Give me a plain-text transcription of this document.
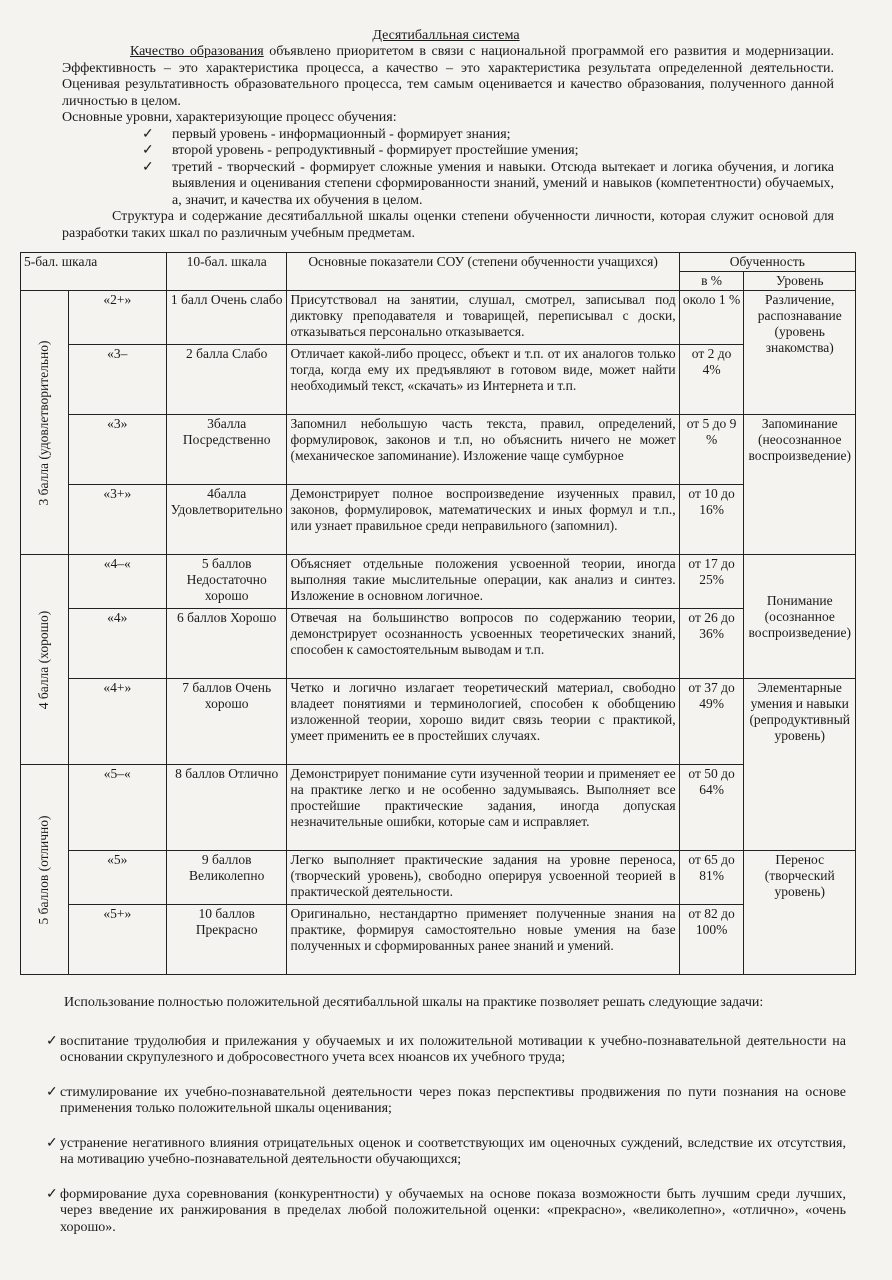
Десятибалльная система

Качество образования объявлено приоритетом в связи с национальной программой его развития и модернизации. Эффективность – это характеристика процесса, а качество – это характеристика результата определенной деятельности. Оценивая результативность образовательного процесса, тем самым оценивается и качество образования, полученного данной личностью в целом.

Основные уровни, характеризующие процесс обучения:

✓ первый уровень - информационный - формирует знания;
✓ второй уровень - репродуктивный - формирует простейшие умения;
✓ третий - творческий - формирует сложные умения и навыки. Отсюда вытекает и логика обучения, и логика выявления и оценивания степени сформированности знаний, умений и навыков (компетентности) обучаемых, а, значит, и качества их обучения в целом.

Структура и содержание десятибалльной шкалы оценки степени обученности личности, которая служит основой для разработки таких шкал по различным учебным предметам.

5-бал. шкала		10-бал. шкала	Основные показатели СОУ (степени обученности учащихся)	Обученность	
				в %	Уровень

3 балла (удовлетворительно)	«2+»	1 балл Очень слабо	Присутствовал на занятии, слушал, смотрел, записывал под диктовку преподавателя и товарищей, переписывал с доски, отказываться персонально отказывается.	около 1 %	Различение, распознавание (уровень знакомства)
	«3–	2 балла Слабо	Отличает какой-либо процесс, объект и т.п. от их аналогов только тогда, когда ему их предъявляют в готовом виде, может найти необходимый текст, «скачать» из Интернета и т.п.	от 2 до 4%	
	«3»	3балла Посредственно	Запомнил небольшую часть текста, правил, определений, формулировок, законов и т.п, но объяснить ничего не может (механическое запоминание). Изложение чаще сумбурное	от 5 до 9 %	Запоминание (неосознанное воспроизведение)
	«3+»	4балла Удовлетворительно	Демонстрирует полное воспроизведение изученных правил, законов, формулировок, математических и иных формул и т.п., или узнает правильное среди неправильного (запомнил).	от 10 до 16%	

4 балла (хорошо)	«4–«	5 баллов Недостаточно хорошо	Объясняет отдельные положения усвоенной теории, иногда выполняя такие мыслительные операции, как анализ и синтез. Изложение в основном логичное.	от 17 до 25%	Понимание (осознанное воспроизведение)
	«4»	6 баллов Хорошо	Отвечая на большинство вопросов по содержанию теории, демонстрирует осознанность усвоенных теоретических знаний, способен к самостоятельным выводам и т.п.	от 26 до 36%	
	«4+»	7 баллов Очень хорошо	Четко и логично излагает теоретический материал, свободно владеет понятиями и терминологией, способен к обобщению изложенной теории, хорошо видит связь теории с практикой, умеет применить ее в простейших случаях.	от 37 до 49%	Элементарные умения и навыки (репродуктивный уровень)

5 баллов (отлично)	«5–«	8 баллов Отлично	Демонстрирует понимание сути изученной теории и применяет ее на практике легко и не особенно задумываясь. Выполняет все простейшие практические задания, иногда допуская незначительные ошибки, которые сам и исправляет.	от 50 до 64%	
	«5»	9 баллов Великолепно	Легко выполняет практические задания на уровне переноса, (творческий уровень), свободно оперируя усвоенной теорией в практической деятельности.	от 65 до 81%	Перенос (творческий уровень)
	«5+»	10 баллов Прекрасно	Оригинально, нестандартно применяет полученные знания на практике, формируя самостоятельно новые умения на базе полученных и сформированных ранее знаний и умений.	от 82 до 100%	

Использование полностью положительной десятибалльной шкалы на практике позволяет решать следующие задачи:

✓ воспитание трудолюбия и прилежания у обучаемых и их положительной мотивации к учебно-познавательной деятельности на основании скрупулезного и добросовестного учета всех нюансов их учебного труда;

✓ стимулирование их учебно-познавательной деятельности через показ перспективы продвижения по пути познания на основе применения только положительной шкалы оценивания;

✓ устранение негативного влияния отрицательных оценок и соответствующих им оценочных суждений, вследствие их отсутствия, на мотивацию учебно-познавательной деятельности обучающихся;

✓ формирование духа соревнования (конкурентности) у обучаемых на основе показа возможности быть лучшим среди лучших, через введение их ранжирования в пределах любой положительной оценки: «прекрасно», «великолепно», «отлично», «очень хорошо».
